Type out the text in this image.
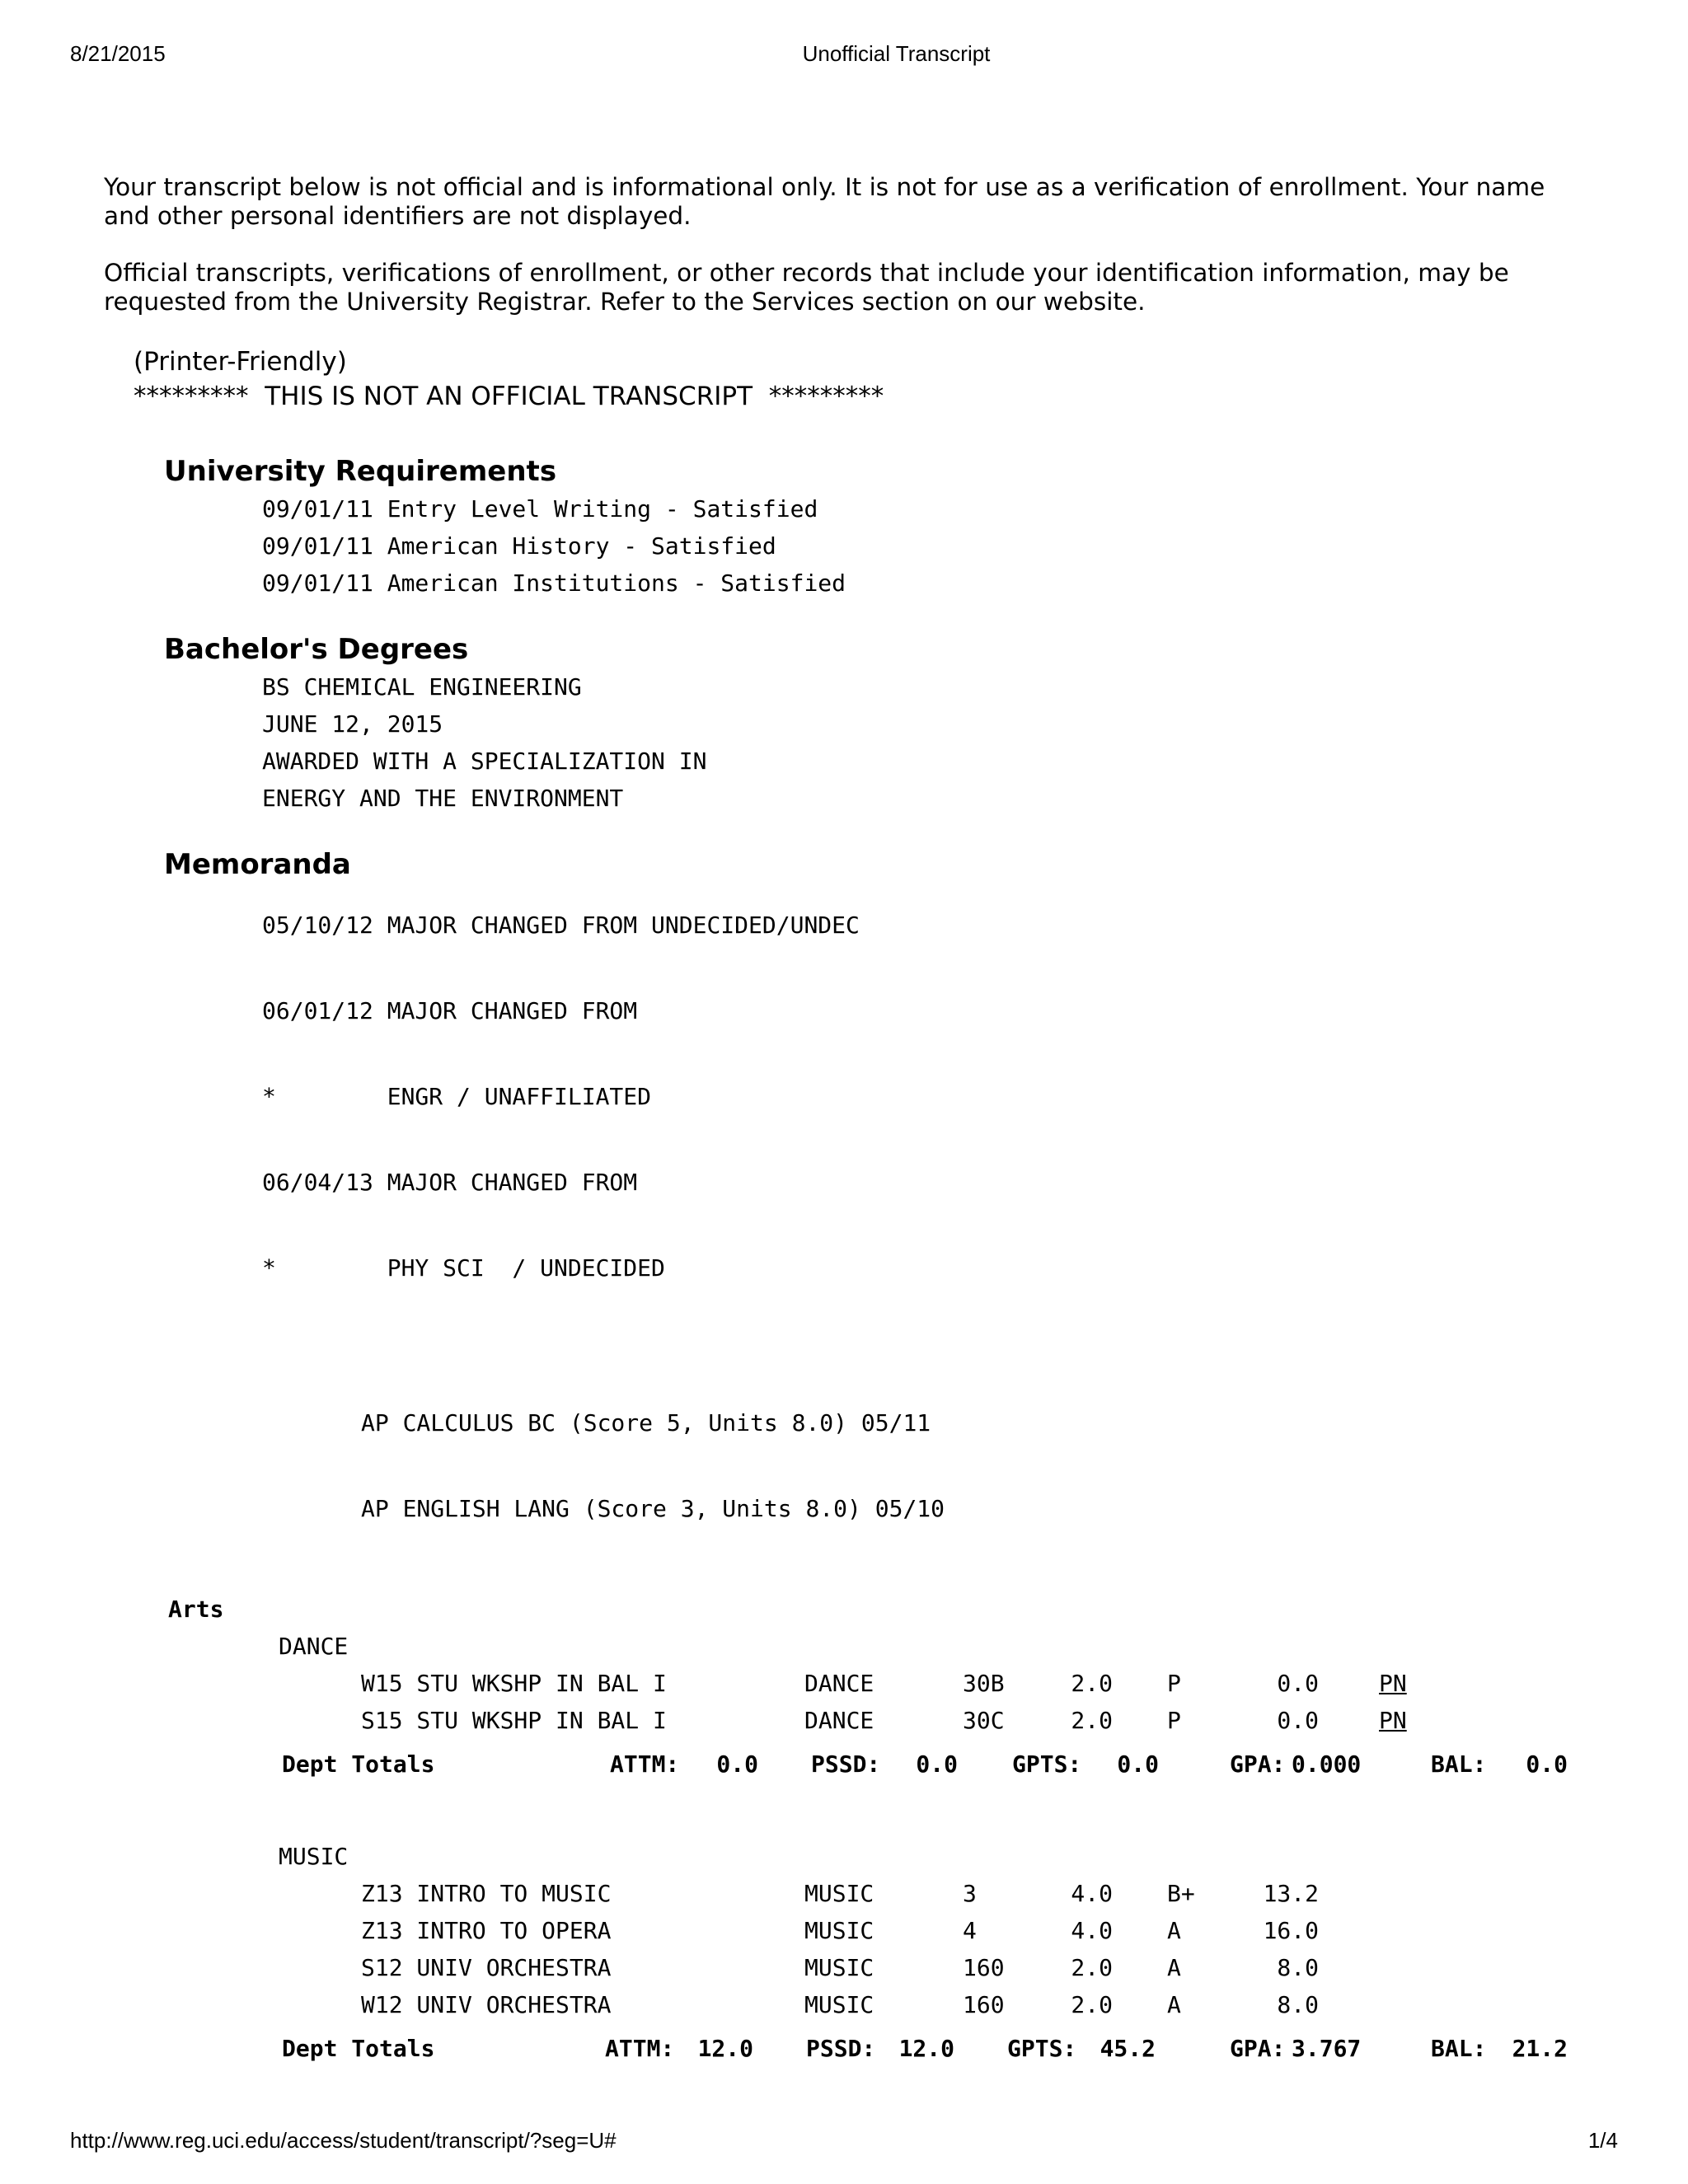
8/21/2015	Unofficial Transcript
http://www.reg.uci.edu/access/student/transcript/?seg=U#	1/4
Your transcript below is not official and is informational only. It is not for use as a verification of enrollment. Your name and other personal identifiers are not displayed.
Official transcripts, verifications of enrollment, or other records that include your identification information, may be requested from the University Registrar. Refer to the Services section on our website.
(Printer-Friendly)
*********  THIS IS NOT AN OFFICIAL TRANSCRIPT  *********
University Requirements
09/01/11 Entry Level Writing - Satisfied
09/01/11 American History - Satisfied
09/01/11 American Institutions - Satisfied
Bachelor's Degrees
BS CHEMICAL ENGINEERING
JUNE 12, 2015
AWARDED WITH A SPECIALIZATION IN
ENERGY AND THE ENVIRONMENT
Memoranda
05/10/12 MAJOR CHANGED FROM UNDECIDED/UNDEC
06/01/12 MAJOR CHANGED FROM
*        ENGR / UNAFFILIATED
06/04/13 MAJOR CHANGED FROM
*        PHY SCI  / UNDECIDED
AP CALCULUS BC (Score 5, Units 8.0) 05/11
AP ENGLISH LANG (Score 3, Units 8.0) 05/10
Arts
DANCE
W15 STU WKSHP IN BAL I	DANCE	30B	2.0 P	0.0	PN
S15 STU WKSHP IN BAL I	DANCE	30C	2.0 P	0.0	PN
Dept Totals	ATTM:	0.0 PSSD:	0.0 GPTS:	0.0	GPA: 0.000	BAL:	0.0
MUSIC
Z13 INTRO TO MUSIC	MUSIC	3	4.0 B+	13.2
Z13 INTRO TO OPERA	MUSIC	4	4.0 A	16.0
S12 UNIV ORCHESTRA	MUSIC	160	2.0 A	8.0
W12 UNIV ORCHESTRA	MUSIC	160	2.0 A	8.0
Dept Totals	ATTM:	12.0 PSSD:	12.0 GPTS:	45.2	GPA: 3.767	BAL:	21.2
